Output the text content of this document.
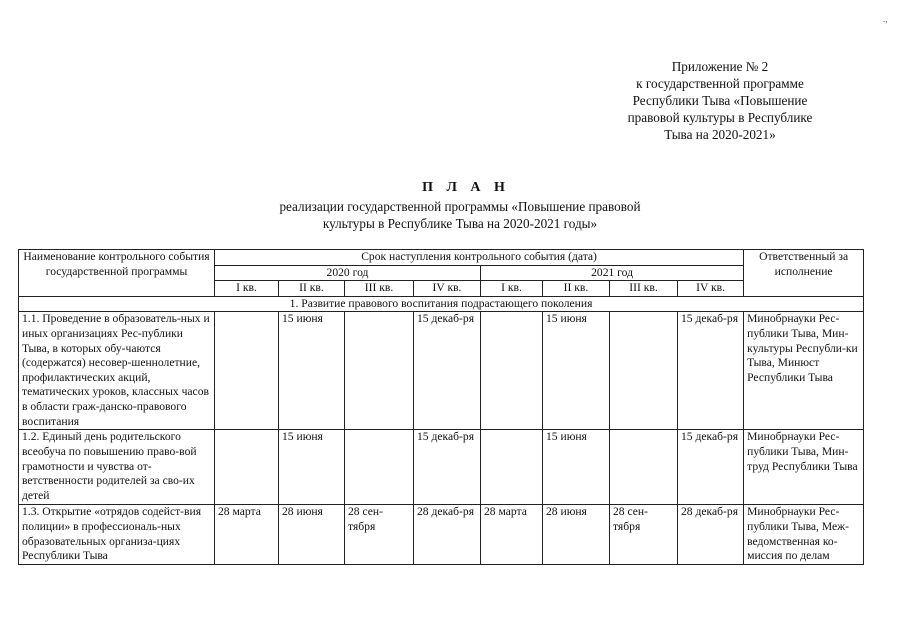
.,
Приложение № 2
к государственной программе
Республики Тыва «Повышение
правовой культуры в Республике
Тыва на 2020-2021»
П Л А Н
реализации государственной программы «Повышение правовой
культуры в Республике Тыва на 2020-2021 годы»
Наименование контрольного события государственной программы	Срок наступления контрольного события (дата)								Ответственный за исполнение
	2020 год				2021 год				
	I кв.	II кв.	III кв.	IV кв.	I кв.	II кв.	III кв.	IV кв.	
1. Развитие правового воспитания подрастающего поколения									
1.1. Проведение в образователь-ных и иных организациях Рес-публики Тыва, в которых обу-чаются (содержатся) несовер-шеннолетние, профилактических акций, тематических уроков, классных часов в области граж-данско-правового воспитания		15 июня		15 декаб-ря		15 июня		15 декаб-ря	Минобрнауки Рес-публики Тыва, Мин-культуры Республи-ки Тыва, Минюст Республики Тыва
1.2. Единый день родительского всеобуча по повышению право-вой грамотности и чувства от-ветственности родителей за сво-их детей		15 июня		15 декаб-ря		15 июня		15 декаб-ря	Минобрнауки Рес-публики Тыва, Мин-труд Республики Тыва
1.3. Открытие «отрядов содейст-вия полиции» в профессиональ-ных образовательных организа-циях Республики Тыва	28 марта	28 июня	28 сен-тября	28 декаб-ря	28 марта	28 июня	28 сен-тября	28 декаб-ря	Минобрнауки Рес-публики Тыва, Меж-ведомственная ко-миссия по делам
